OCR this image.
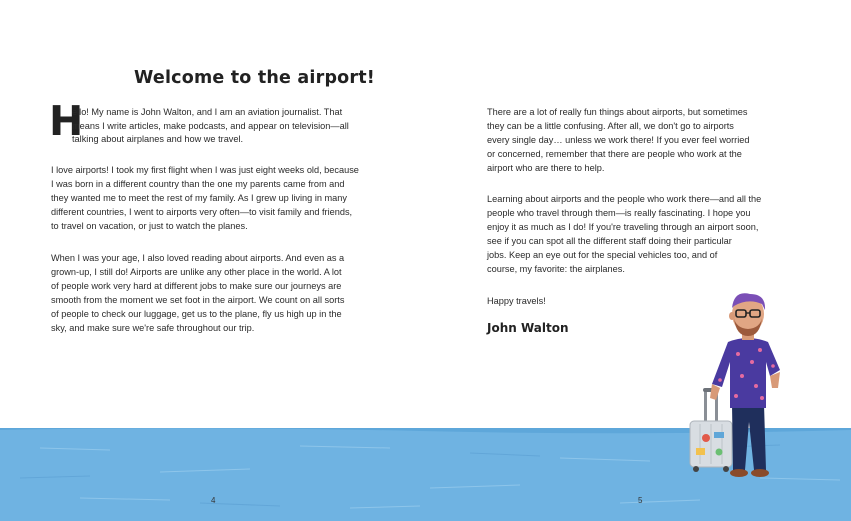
Welcome to the airport!
H

ello! My name is John Walton, and I am an aviation journalist. That

means I write articles, make podcasts, and appear on television—all

talking about airplanes and how we travel.

I love airports! I took my first flight when I was just eight weeks old, because

I was born in a different country than the one my parents came from and

they wanted me to meet the rest of my family. As I grew up living in many

different countries, I went to airports very often—to visit family and friends,

to travel on vacation, or just to watch the planes.

When I was your age, I also loved reading about airports. And even as a

grown-up, I still do! Airports are unlike any other place in the world. A lot

of people work very hard at different jobs to make sure our journeys are

smooth from the moment we set foot in the airport. We count on all sorts

of people to check our luggage, get us to the plane, fly us high up in the

sky, and make sure we're safe throughout our trip.

There are a lot of really fun things about airports, but sometimes

they can be a little confusing. After all, we don't go to airports

every single day… unless we work there! If you ever feel worried

or concerned, remember that there are people who work at the

airport who are there to help.

Learning about airports and the people who work there—and all the

people who travel through them—is really fascinating. I hope you

enjoy it as much as I do! If you're traveling through an airport soon,

see if you can spot all the different staff doing their particular

jobs. Keep an eye out for the special vehicles too, and of

course, my favorite: the airplanes.

Happy travels!

John Walton
4	5
